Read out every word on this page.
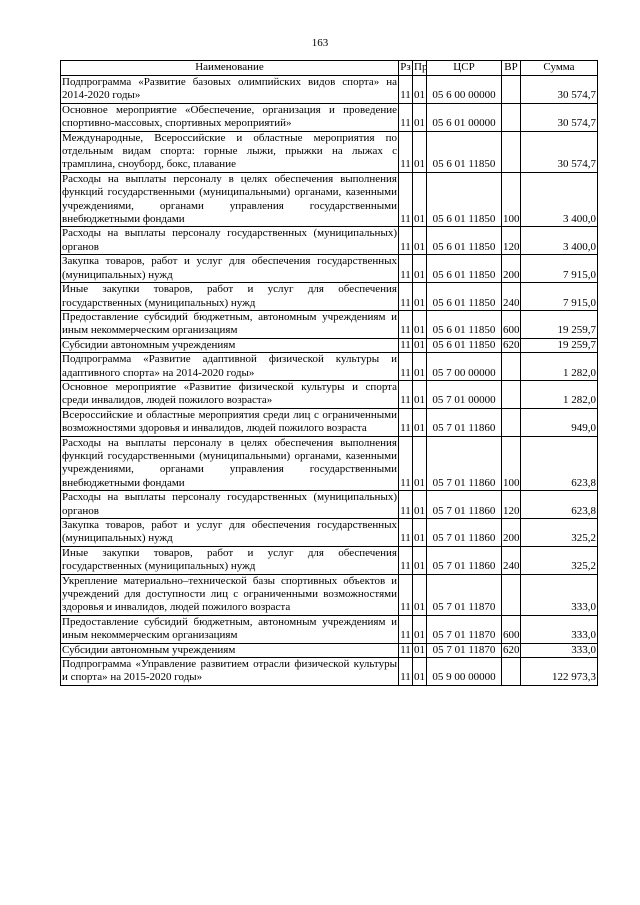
163
Наименование	Рз	Пр	ЦСР	ВР	Сумма
Подпрограмма «Развитие базовых олимпийских видов спорта» на 2014-2020 годы»	11	01	05 6 00 00000		30 574,7
Основное мероприятие «Обеспечение, организация и проведение спортивно-массовых, спортивных мероприятий»	11	01	05 6 01 00000		30 574,7
Международные, Всероссийские и областные мероприятия по отдельным видам спорта: горные лыжи, прыжки на лыжах с трамплина, сноуборд, бокс, плавание	11	01	05 6 01 11850		30 574,7
Расходы на выплаты персоналу в целях обеспечения выполнения функций государственными (муниципальными) органами, казенными учреждениями, органами управления государственными внебюджетными фондами	11	01	05 6 01 11850	100	3 400,0
Расходы на выплаты персоналу государственных (муниципальных) органов	11	01	05 6 01 11850	120	3 400,0
Закупка товаров, работ и услуг для обеспечения государственных (муниципальных) нужд	11	01	05 6 01 11850	200	7 915,0
Иные закупки товаров, работ и услуг для обеспечения государственных (муниципальных) нужд	11	01	05 6 01 11850	240	7 915,0
Предоставление субсидий бюджетным, автономным учреждениям и иным некоммерческим организациям	11	01	05 6 01 11850	600	19 259,7
Субсидии автономным учреждениям	11	01	05 6 01 11850	620	19 259,7
Подпрограмма «Развитие адаптивной физической культуры и адаптивного спорта» на 2014-2020 годы»	11	01	05 7 00 00000		1 282,0
Основное мероприятие «Развитие физической культуры и спорта среди инвалидов, людей пожилого возраста»	11	01	05 7 01 00000		1 282,0
Всероссийские и областные мероприятия среди лиц с ограниченными возможностями здоровья и инвалидов, людей пожилого возраста	11	01	05 7 01 11860		949,0
Расходы на выплаты персоналу в целях обеспечения выполнения функций государственными (муниципальными) органами, казенными учреждениями, органами управления государственными внебюджетными фондами	11	01	05 7 01 11860	100	623,8
Расходы на выплаты персоналу государственных (муниципальных) органов	11	01	05 7 01 11860	120	623,8
Закупка товаров, работ и услуг для обеспечения государственных (муниципальных) нужд	11	01	05 7 01 11860	200	325,2
Иные закупки товаров, работ и услуг для обеспечения государственных (муниципальных) нужд	11	01	05 7 01 11860	240	325,2
Укрепление материально–технической базы спортивных объектов и учреждений для доступности лиц с ограниченными возможностями здоровья и инвалидов, людей пожилого возраста	11	01	05 7 01 11870		333,0
Предоставление субсидий бюджетным, автономным учреждениям и иным некоммерческим организациям	11	01	05 7 01 11870	600	333,0
Субсидии автономным учреждениям	11	01	05 7 01 11870	620	333,0
Подпрограмма «Управление развитием отрасли физической культуры и спорта» на 2015-2020 годы»	11	01	05 9 00 00000		122 973,3
